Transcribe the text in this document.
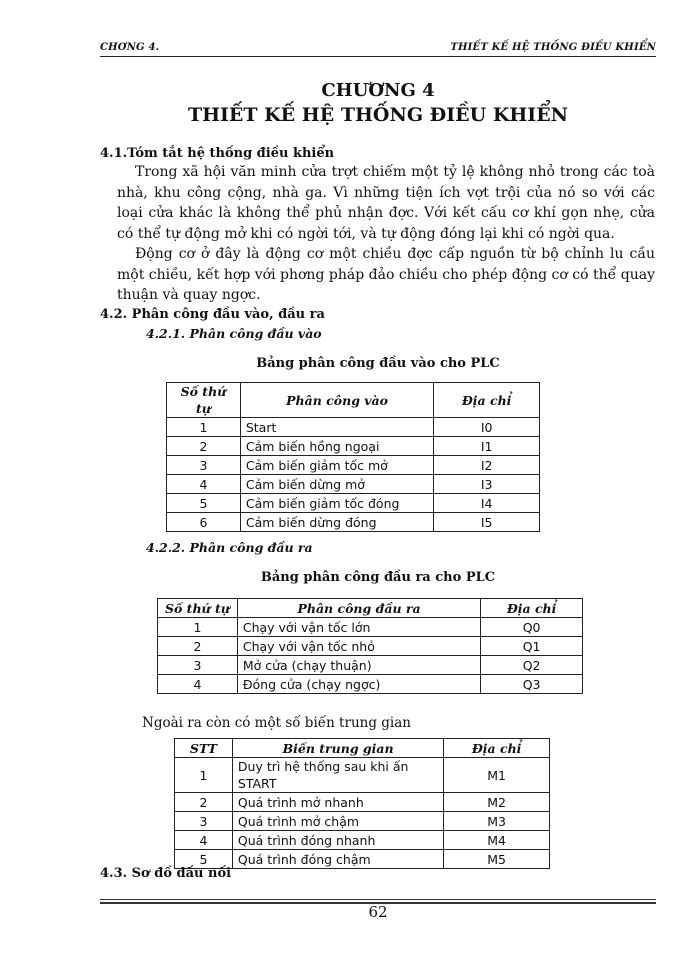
CHƠNG 4.	THIẾT KẾ HỆ THỐNG ĐIỀU KHIỂN
CHƯƠNG 4
THIẾT KẾ HỆ THỐNG ĐIỀU KHIỂN
4.1.Tóm tắt hệ thống điều khiển
Trong xã hội văn minh cửa trợt chiếm một tỷ lệ không nhỏ trong các toà nhà, khu công cộng, nhà ga. Vì những tiện ích vợt trội của nó so với các loại cửa khác là không thể phủ nhận đợc. Với kết cấu cơ khí gọn nhẹ, cửa có thể tự động mở khi có ngời tới, và tự động đóng lại khi có ngời qua.
Động cơ ở đây là động cơ một chiều đợc cấp nguồn từ bộ chỉnh lu cầu một chiều, kết hợp với phơng pháp đảo chiều cho phép động cơ có thể quay thuận và quay ngợc.
4.2. Phân công đầu vào, đầu ra
4.2.1. Phân công đầu vào
Bảng phân công đầu vào cho PLC
Số thứ tự	Phân công vào	Địa chỉ
1	Start	I0
2	Cảm biến hồng ngoại	I1
3	Cảm biến giảm tốc mở	I2
4	Cảm biến dừng mở	I3
5	Cảm biến giảm tốc đóng	I4
6	Cảm biến dừng đóng	I5
4.2.2. Phân công đầu ra
Bảng phân công đầu ra cho PLC
Số thứ tự	Phân công đầu ra	Địa chỉ
1	Chạy với vận tốc lớn	Q0
2	Chạy với vận tốc nhỏ	Q1
3	Mở cửa (chạy thuận)	Q2
4	Đóng cửa (chạy ngợc)	Q3
Ngoài ra còn có một số biến trung gian
STT	Biến trung gian	Địa chỉ
1	Duy trì hệ thống sau khi ấn START	M1
2	Quá trình mở nhanh	M2
3	Quá trình mở chậm	M3
4	Quá trình đóng nhanh	M4
5	Quá trình đóng chậm	M5
4.3. Sơ đồ đấu nối
62
